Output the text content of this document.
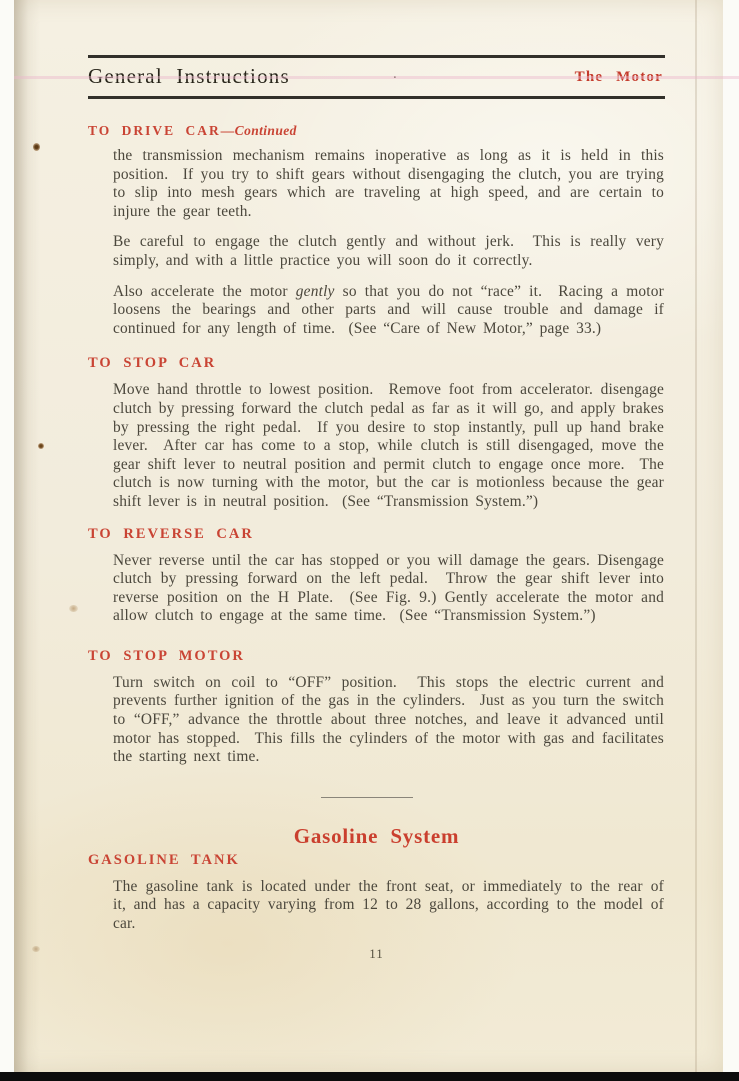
General Instructions	.	The Motor
TO DRIVE CAR—Continued

the transmission mechanism remains inoperative as long as it is held in this position.  If you try to shift gears without disengaging the clutch, you are trying to slip into mesh gears which are traveling at high speed, and are certain to injure the gear teeth.

Be careful to engage the clutch gently and without jerk.  This is really very simply, and with a little practice you will soon do it correctly.

Also accelerate the motor gently so that you do not “race” it.  Racing a motor loosens the bearings and other parts and will cause trouble and damage if continued for any length of time.  (See “Care of New Motor,” page 33.)

TO STOP CAR

Move hand throttle to lowest position.  Remove foot from accelerator. disengage clutch by pressing forward the clutch pedal as far as it will go, and apply brakes by pressing the right pedal.  If you desire to stop instantly, pull up hand brake lever.  After car has come to a stop, while clutch is still disengaged, move the gear shift lever to neutral position and permit clutch to engage once more.  The clutch is now turning with the motor, but the car is motionless because the gear shift lever is in neutral position.  (See “Transmission System.”)

TO REVERSE CAR

Never reverse until the car has stopped or you will damage the gears. Disengage clutch by pressing forward on the left pedal.  Throw the gear shift lever into reverse position on the H Plate.  (See Fig. 9.) Gently accelerate the motor and allow clutch to engage at the same time.  (See “Transmission System.”)

TO STOP MOTOR

Turn switch on coil to “OFF” position.  This stops the electric current and prevents further ignition of the gas in the cylinders.  Just as you turn the switch to “OFF,” advance the throttle about three notches, and leave it advanced until motor has stopped.  This fills the cylinders of the motor with gas and facilitates the starting next time.

Gasoline System
GASOLINE TANK

The gasoline tank is located under the front seat, or immediately to the rear of it, and has a capacity varying from 12 to 28 gallons, according to the model of car.

11
